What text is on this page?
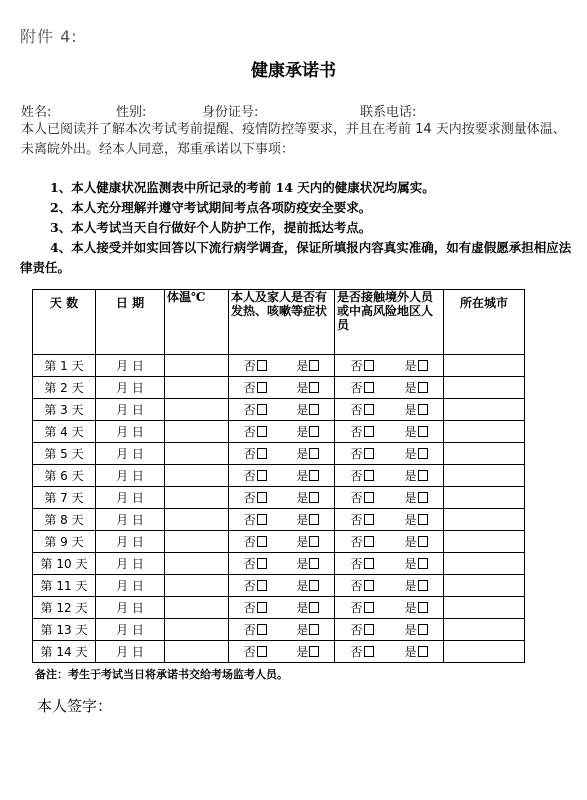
附件 4:
健康承诺书
姓名:	性别:	身份证号:	联系电话:
本人已阅读并了解本次考试考前提醒、疫情防控等要求，并且在考前 14 天内按要求测量体温、未离皖外出。经本人同意，郑重承诺以下事项：
1、本人健康状况监测表中所记录的考前 14 天内的健康状况均属实。
2、本人充分理解并遵守考试期间考点各项防疫安全要求。
3、本人考试当天自行做好个人防护工作，提前抵达考点。
4、本人接受并如实回答以下流行病学调查，保证所填报内容真实准确，如有虚假愿承担相应法律责任。
天 数	日 期	体温℃	本人及家人是否有发热、咳嗽等症状	是否接触境外人员或中高风险地区人员	所在城市
第 1 天	月 日		否 是	否 是	
第 2 天	月 日		否 是	否 是	
第 3 天	月 日		否 是	否 是	
第 4 天	月 日		否 是	否 是	
第 5 天	月 日		否 是	否 是	
第 6 天	月 日		否 是	否 是	
第 7 天	月 日		否 是	否 是	
第 8 天	月 日		否 是	否 是	
第 9 天	月 日		否 是	否 是	
第 10 天	月 日		否 是	否 是	
第 11 天	月 日		否 是	否 是	
第 12 天	月 日		否 是	否 是	
第 13 天	月 日		否 是	否 是	
第 14 天	月 日		否 是	否 是	
备注：考生于考试当日将承诺书交给考场监考人员。
本人签字：
